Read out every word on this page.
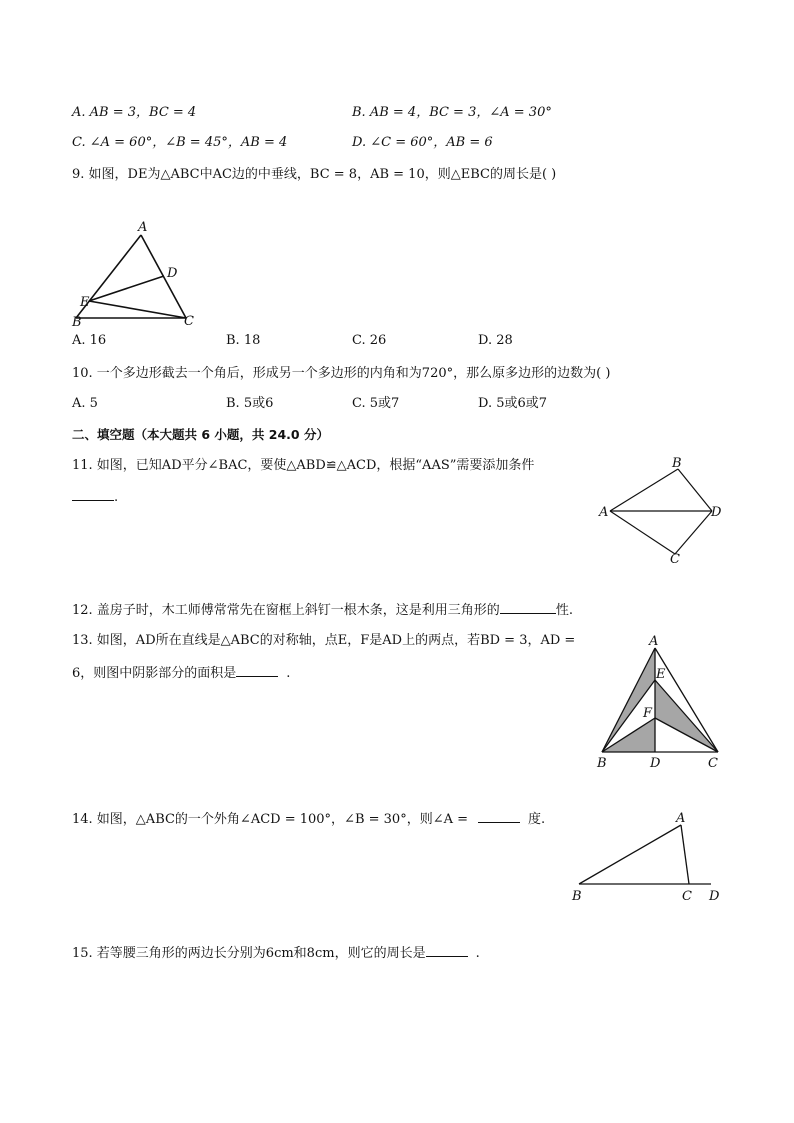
A. AB = 3，BC = 4	B. AB = 4，BC = 3，∠A = 30°
C. ∠A = 60°，∠B = 45°，AB = 4	D. ∠C = 60°，AB = 6
9. 如图，DE为△ABC中AC边的中垂线，BC = 8，AB = 10，则△EBC的周长是( )
A
D
E
B	C
A. 16	B. 18	C. 26	D. 28
10. 一个多边形截去一个角后，形成另一个多边形的内角和为720°，那么原多边形的边数为( )
A. 5	B. 5或6	C. 5或7	D. 5或6或7
二、填空题（本大题共 6 小题，共 24.0 分）
11. 如图，已知AD平分∠BAC，要使△ABD≌△ACD，根据“AAS”需要添加条件
.
B
A	D
C
12. 盖房子时，木工师傅常常先在窗框上斜钉一根木条，这是利用三角形的	性.
13. 如图，AD所在直线是△ABC的对称轴，点E，F是AD上的两点，若BD = 3，AD =
6，则图中阴影部分的面积是	.
A
E
F
B	D	C
14. 如图，△ABC的一个外角∠ACD = 100°，∠B = 30°，则∠A =	度.	A
B	C D
15. 若等腰三角形的两边长分别为6cm和8cm，则它的周长是	.
